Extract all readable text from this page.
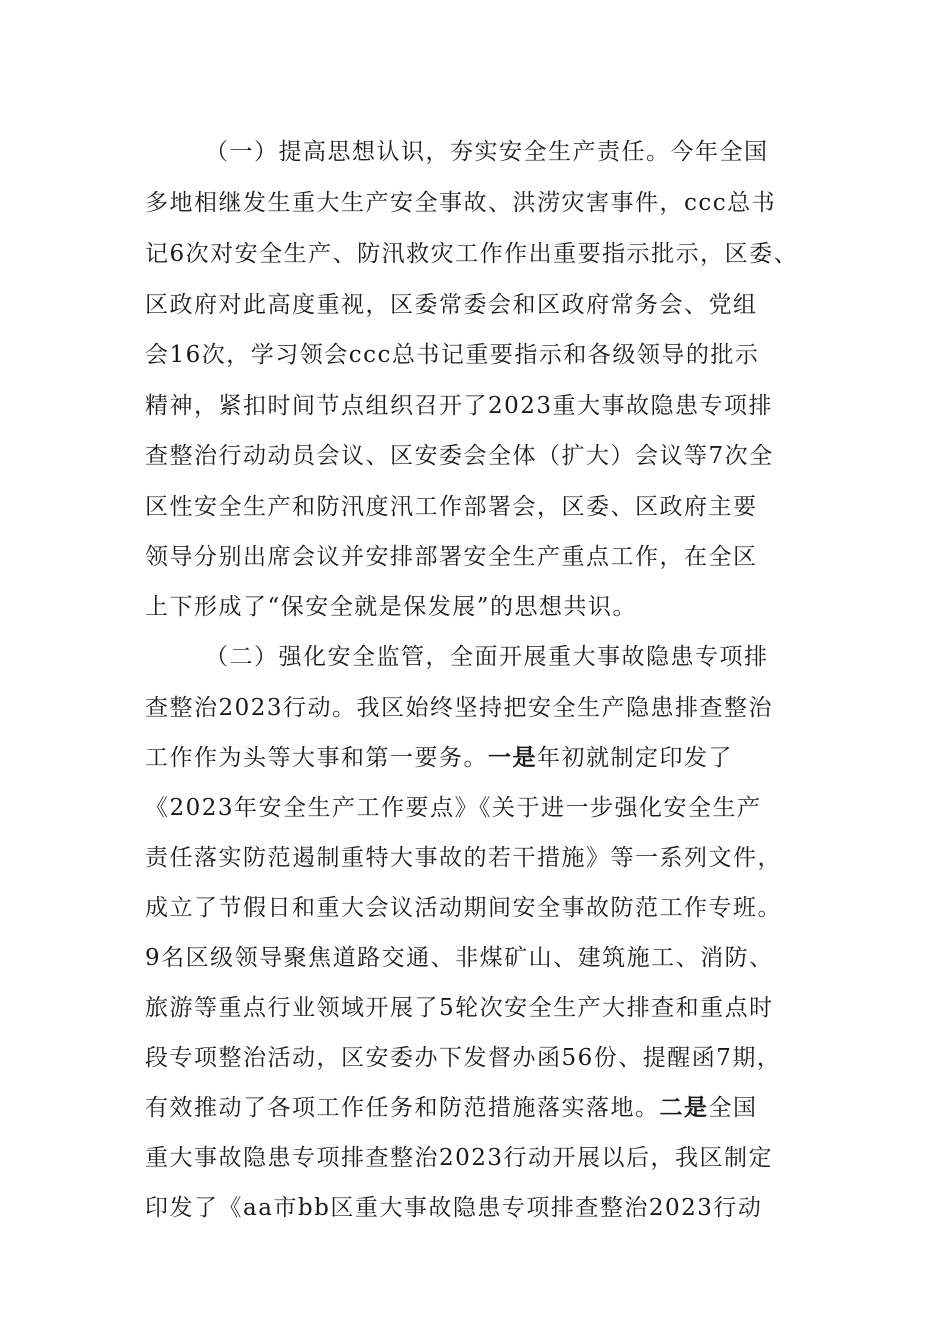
（一）提高思想认识，夯实安全生产责任。今年全国
多地相继发生重大生产安全事故、洪涝灾害事件，ccc总书
记6次对安全生产、防汛救灾工作作出重要指示批示，区委、
区政府对此高度重视，区委常委会和区政府常务会、党组
会16次，学习领会ccc总书记重要指示和各级领导的批示
精神，紧扣时间节点组织召开了2023重大事故隐患专项排
查整治行动动员会议、区安委会全体（扩大）会议等7次全
区性安全生产和防汛度汛工作部署会，区委、区政府主要
领导分别出席会议并安排部署安全生产重点工作，在全区
上下形成了“保安全就是保发展”的思想共识。
（二）强化安全监管，全面开展重大事故隐患专项排
查整治2023行动。我区始终坚持把安全生产隐患排查整治
工作作为头等大事和第一要务。一是年初就制定印发了
《2023年安全生产工作要点》《关于进一步强化安全生产
责任落实防范遏制重特大事故的若干措施》等一系列文件，
成立了节假日和重大会议活动期间安全事故防范工作专班。
9名区级领导聚焦道路交通、非煤矿山、建筑施工、消防、
旅游等重点行业领域开展了5轮次安全生产大排查和重点时
段专项整治活动，区安委办下发督办函56份、提醒函7期，
有效推动了各项工作任务和防范措施落实落地。二是全国
重大事故隐患专项排查整治2023行动开展以后，我区制定
印发了《aa市bb区重大事故隐患专项排查整治2023行动
